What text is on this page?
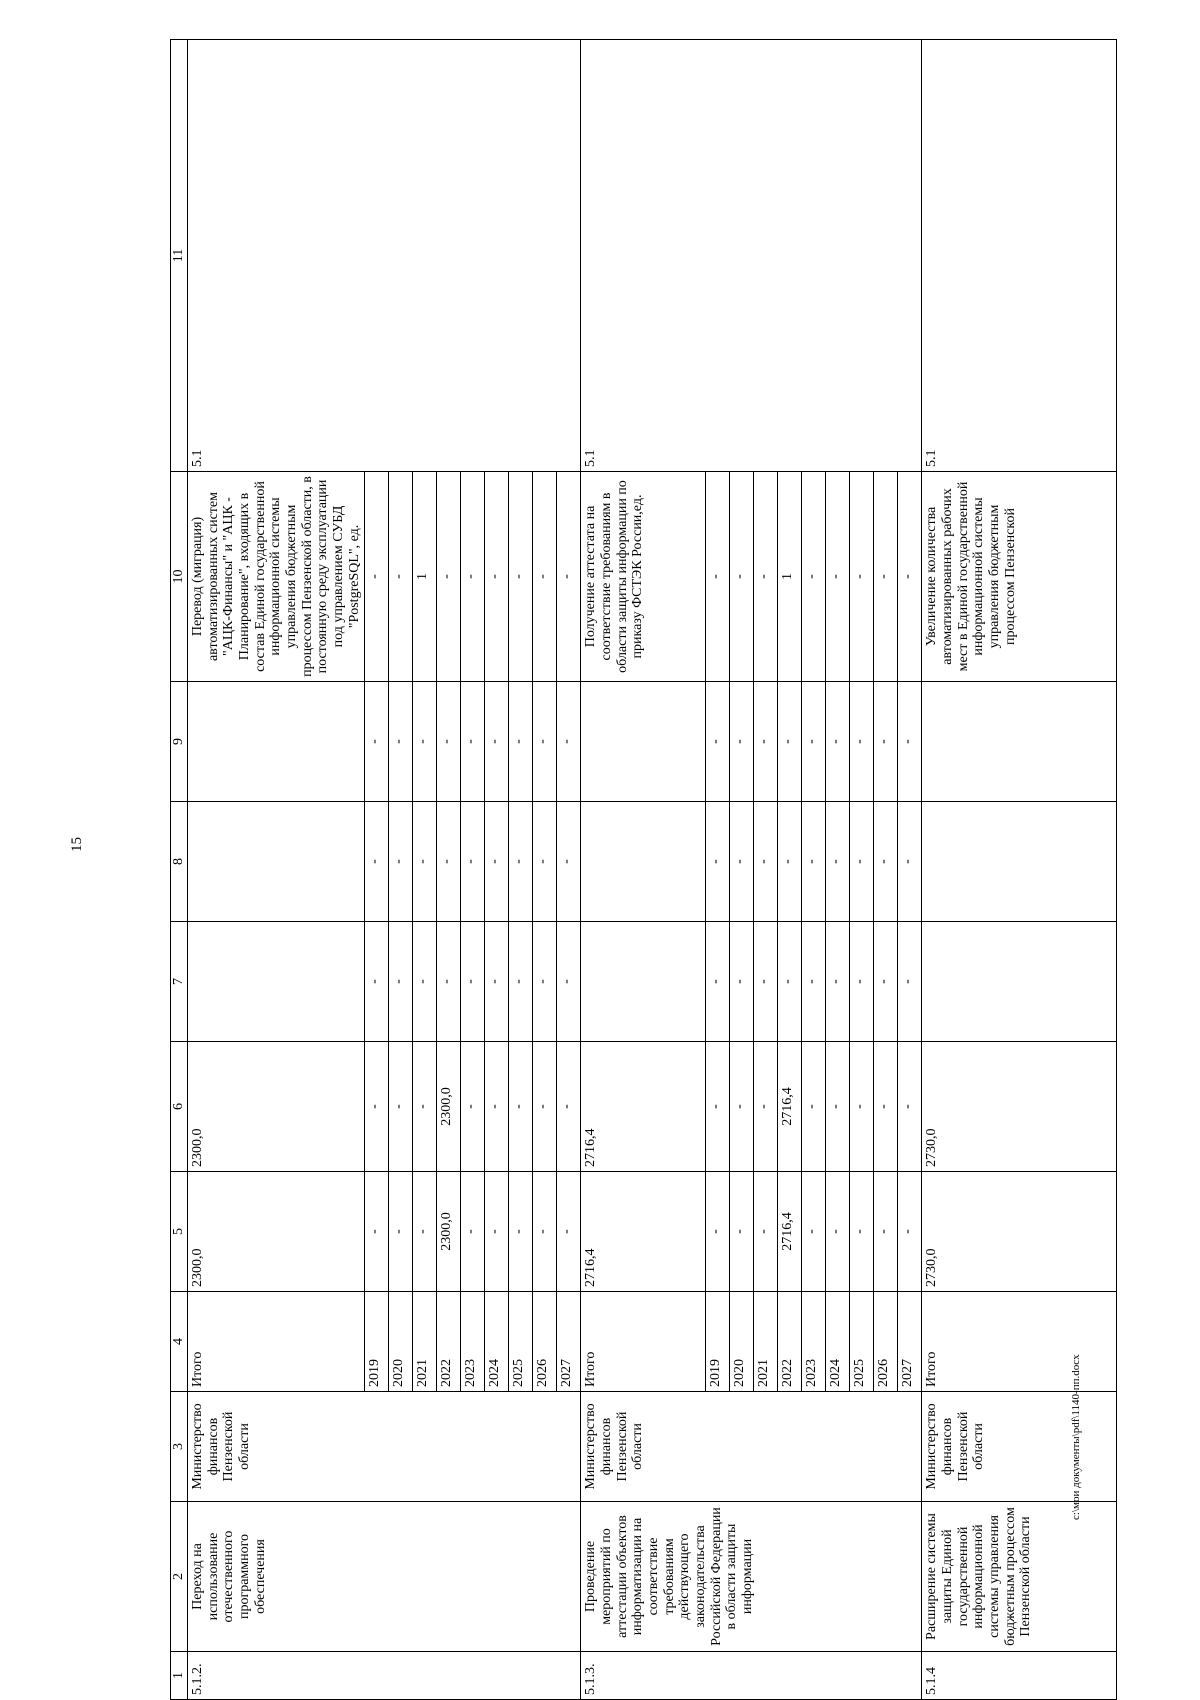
15
1	2	3	4	5	6	7	8	9	10	11
5.1.2.	Переход на использование отечественного программного обеспечения	Министерство финансов Пензенской области	Итого	2300,0	2300,0				Перевод (миграция) автоматизированных систем "АЦК-Финансы" и "АЦК - Планирование", входящих в состав Единой государственной информационной системы управления бюджетным процессом Пензенской области, в постоянную среду эксплуатации под управлением СУБД "PostgreSQL", ед.	5.1
			2019	-	-	-	-	-	-	
			2020	-	-	-	-	-	-	
			2021	-	-	-	-	-	1	
			2022	2300,0	2300,0	-	-	-	-	
			2023	-	-	-	-	-	-	
			2024	-	-	-	-	-	-	
			2025	-	-	-	-	-	-	
			2026	-	-	-	-	-	-	
			2027	-	-	-	-	-	-	
5.1.3.	Проведение мероприятий по аттестации объектов информатизации на соответствие требованиям действующего законодательства Российской Федерации в области защиты информации	Министерство финансов Пензенской области	Итого	2716,4	2716,4				Получение аттестата на соответствие требованиям в области защиты информации по приказу ФСТЭК России,ед.	5.1
			2019	-	-	-	-	-	-	
			2020	-	-	-	-	-	-	
			2021	-	-	-	-	-	-	
			2022	2716,4	2716,4	-	-	-	1	
			2023	-	-	-	-	-	-	
			2024	-	-	-	-	-	-	
			2025	-	-	-	-	-	-	
			2026	-	-	-	-	-	-	
			2027	-	-	-	-	-	-	
5.1.4	Расширение системы защиты Единой государственной информационной системы управления бюджетным процессом Пензенской области	Министерство финансов Пензенской области	Итого	2730,0	2730,0				Увеличение количества автоматизированных рабочих мест в Единой государственной информационной системы управления бюджетным процессом Пензенской	5.1
c:\мои документы\pdf\1140-пп.docx
